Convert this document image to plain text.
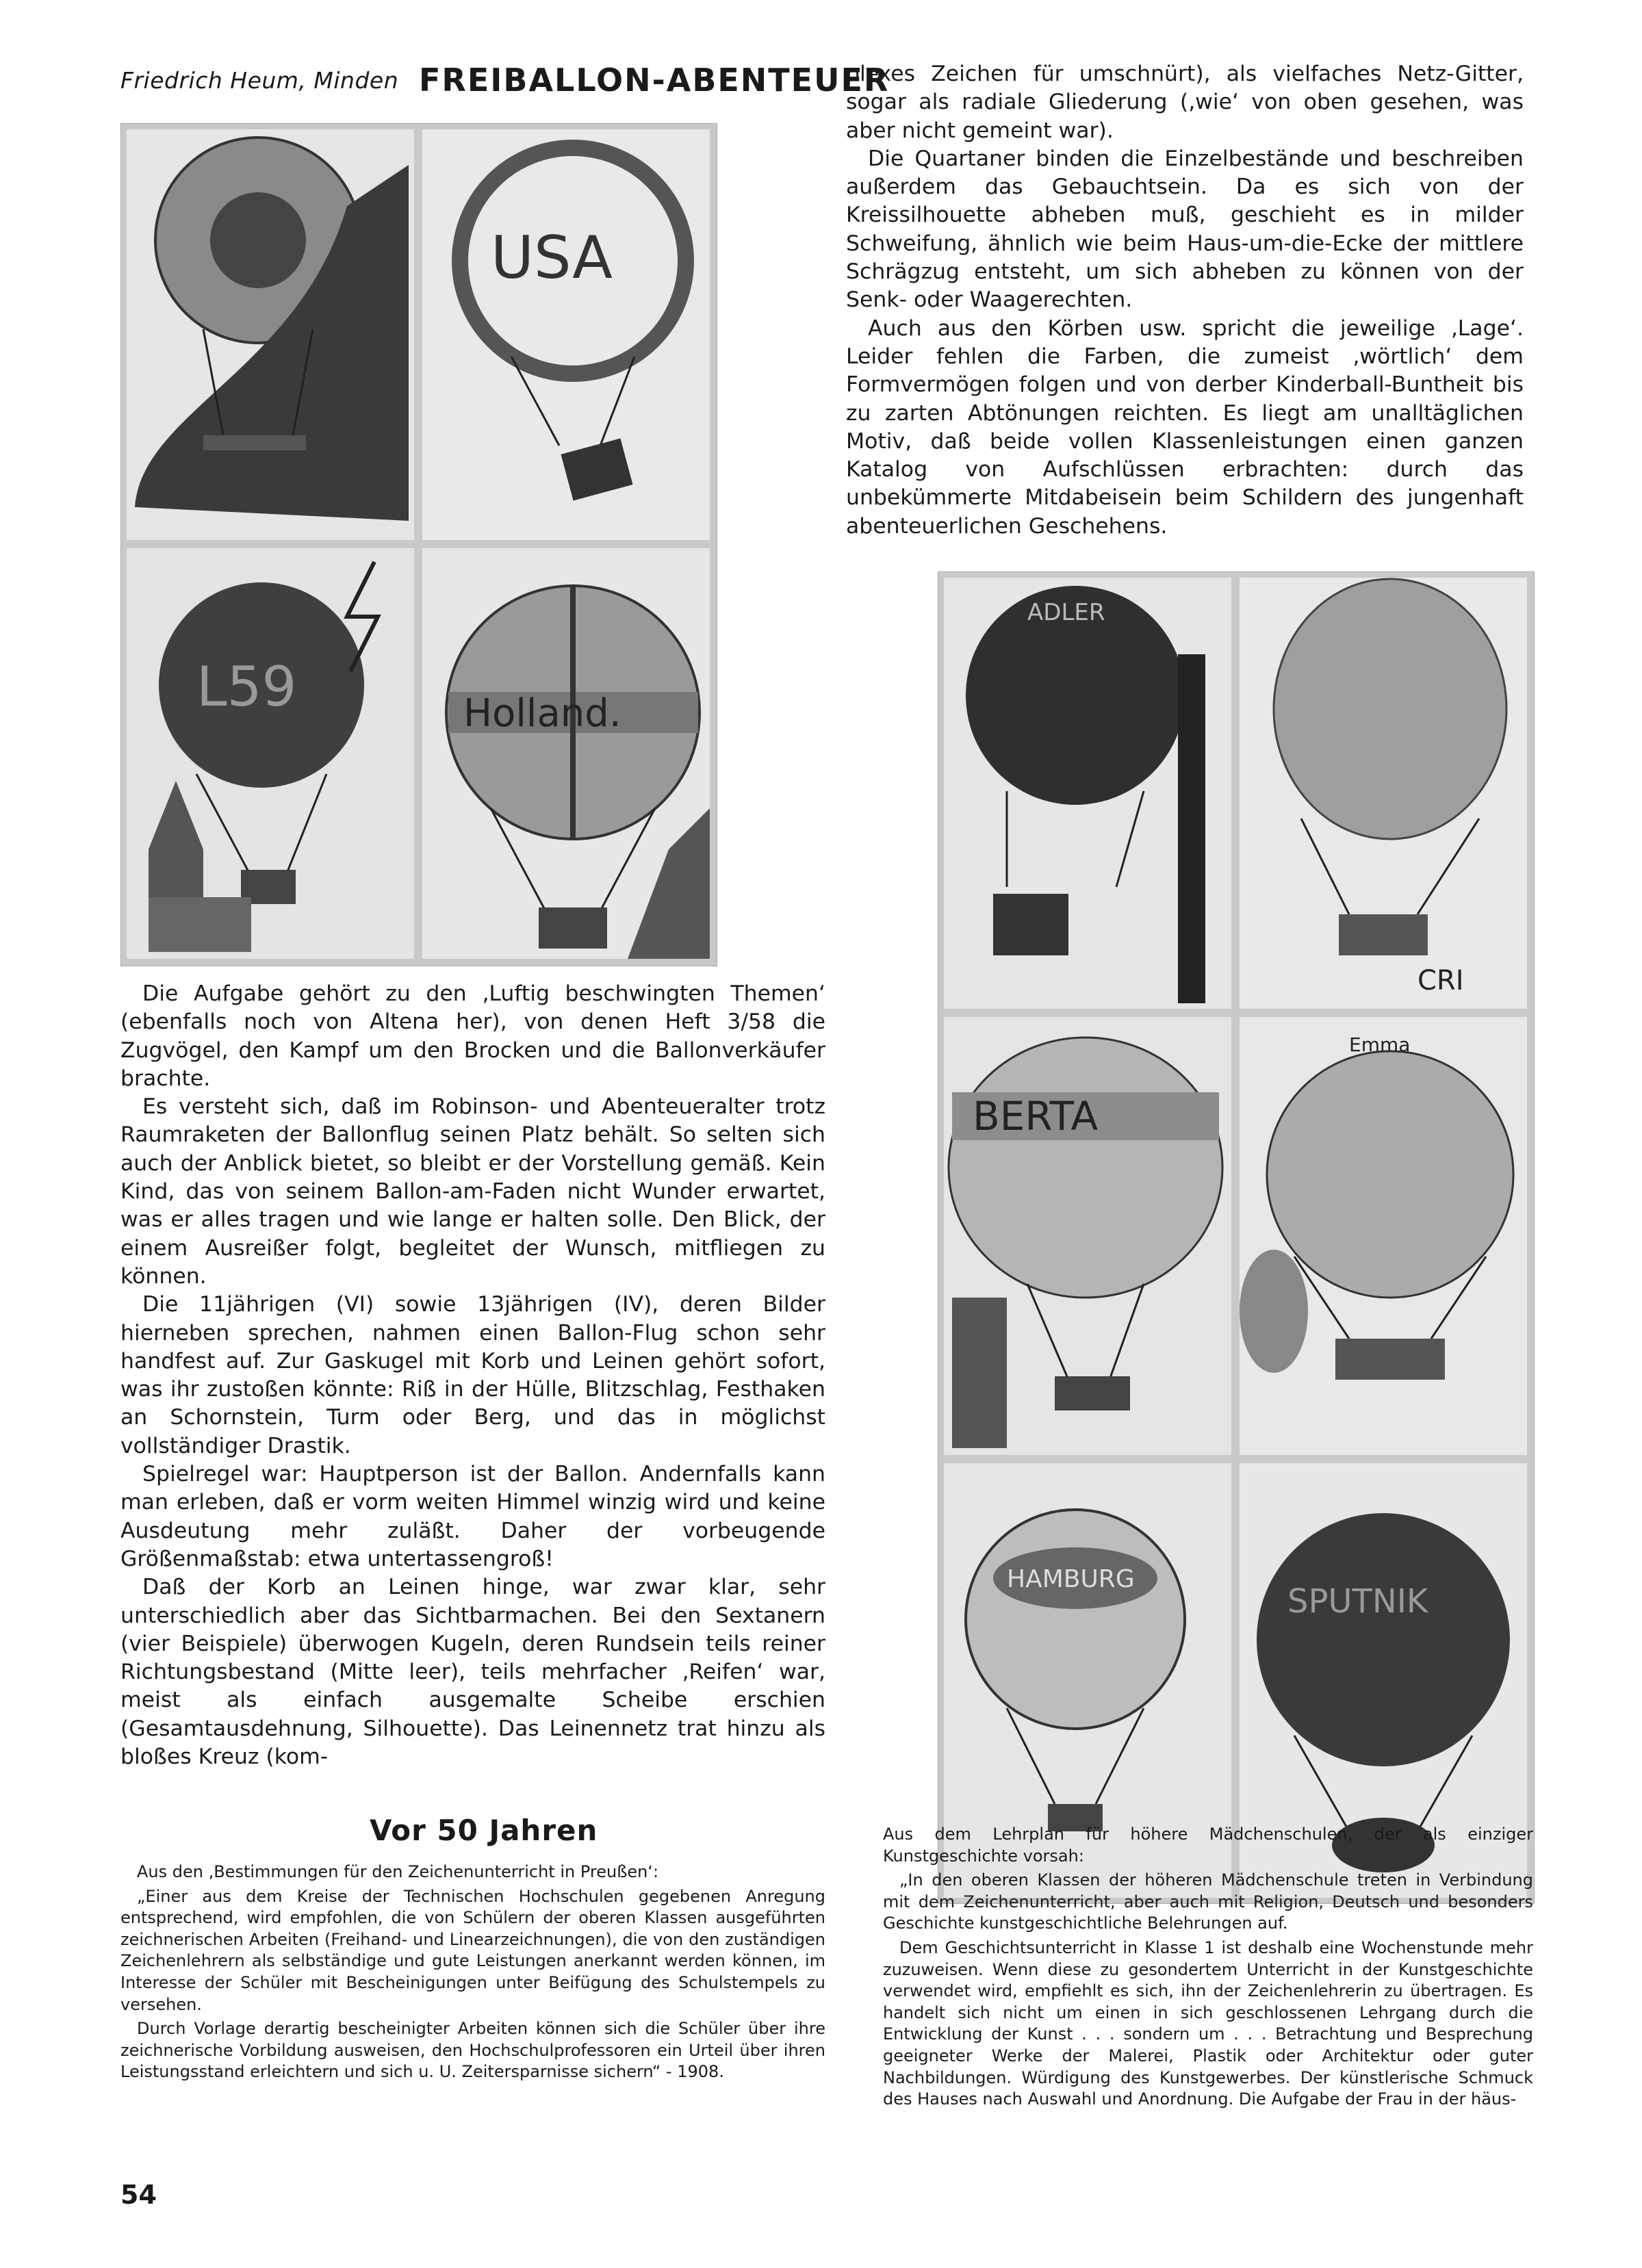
Friedrich Heum, Minden FREIBALLON-ABENTEUER
USA
L59	Holland.

plexes Zeichen für umschnürt), als vielfaches Netz-Gitter, sogar als radiale Gliederung (‚wie‘ von oben gesehen, was aber nicht gemeint war).

Die Quartaner binden die Einzelbestände und beschreiben außerdem das Gebauchtsein. Da es sich von der Kreissilhouette abheben muß, geschieht es in milder Schweifung, ähnlich wie beim Haus-um-die-Ecke der mittlere Schrägzug entsteht, um sich abheben zu können von der Senk- oder Waagerechten.

Auch aus den Körben usw. spricht die jeweilige ‚Lage‘. Leider fehlen die Farben, die zumeist ‚wörtlich‘ dem Formvermögen folgen und von derber Kinderball-Buntheit bis zu zarten Abtönungen reichten. Es liegt am unalltäglichen Motiv, daß beide vollen Klassenleistungen einen ganzen Katalog von Aufschlüssen erbrachten: durch das unbekümmerte Mitdabeisein beim Schildern des jungenhaft abenteuerlichen Geschehens.

ADLER
CRI
BERTA
Emma
HAMBURG
SPUTNIK

Die Aufgabe gehört zu den ‚Luftig beschwingten Themen‘ (ebenfalls noch von Altena her), von denen Heft 3/58 die Zugvögel, den Kampf um den Brocken und die Ballonverkäufer brachte.

Es versteht sich, daß im Robinson- und Abenteueralter trotz Raumraketen der Ballonflug seinen Platz behält. So selten sich auch der Anblick bietet, so bleibt er der Vorstellung gemäß. Kein Kind, das von seinem Ballon-am-Faden nicht Wunder erwartet, was er alles tragen und wie lange er halten solle. Den Blick, der einem Ausreißer folgt, begleitet der Wunsch, mitfliegen zu können.

Die 11jährigen (VI) sowie 13jährigen (IV), deren Bilder hierneben sprechen, nahmen einen Ballon-Flug schon sehr handfest auf. Zur Gaskugel mit Korb und Leinen gehört sofort, was ihr zustoßen könnte: Riß in der Hülle, Blitzschlag, Festhaken an Schornstein, Turm oder Berg, und das in möglichst vollständiger Drastik.

Spielregel war: Hauptperson ist der Ballon. Andernfalls kann man erleben, daß er vorm weiten Himmel winzig wird und keine Ausdeutung mehr zuläßt. Daher der vorbeugende Größenmaßstab: etwa untertassengroß!

Daß der Korb an Leinen hinge, war zwar klar, sehr unterschiedlich aber das Sichtbarmachen. Bei den Sextanern (vier Beispiele) überwogen Kugeln, deren Rundsein teils reiner Richtungsbestand (Mitte leer), teils mehrfacher ‚Reifen‘ war, meist als einfach ausgemalte Scheibe erschien (Gesamtausdehnung, Silhouette). Das Leinennetz trat hinzu als bloßes Kreuz (kom-

Vor 50 Jahren

Aus den ‚Bestimmungen für den Zeichenunterricht in Preußen‘:

„Einer aus dem Kreise der Technischen Hochschulen gegebenen Anregung entsprechend, wird empfohlen, die von Schülern der oberen Klassen ausgeführten zeichnerischen Arbeiten (Freihand- und Linearzeichnungen), die von den zuständigen Zeichenlehrern als selbständige und gute Leistungen anerkannt werden können, im Interesse der Schüler mit Bescheinigungen unter Beifügung des Schulstempels zu versehen.

Durch Vorlage derartig bescheinigter Arbeiten können sich die Schüler über ihre zeichnerische Vorbildung ausweisen, den Hochschulprofessoren ein Urteil über ihren Leistungsstand erleichtern und sich u. U. Zeitersparnisse sichern“ - 1908.

Aus dem Lehrplan für höhere Mädchenschulen, der als einziger Kunstgeschichte vorsah:

„In den oberen Klassen der höheren Mädchenschule treten in Verbindung mit dem Zeichenunterricht, aber auch mit Religion, Deutsch und besonders Geschichte kunstgeschichtliche Belehrungen auf.

Dem Geschichtsunterricht in Klasse 1 ist deshalb eine Wochenstunde mehr zuzuweisen. Wenn diese zu gesondertem Unterricht in der Kunstgeschichte verwendet wird, empfiehlt es sich, ihn der Zeichenlehrerin zu übertragen. Es handelt sich nicht um einen in sich geschlossenen Lehrgang durch die Entwicklung der Kunst . . . sondern um . . . Betrachtung und Besprechung geeigneter Werke der Malerei, Plastik oder Architektur oder guter Nachbildungen. Würdigung des Kunstgewerbes. Der künstlerische Schmuck des Hauses nach Auswahl und Anordnung. Die Aufgabe der Frau in der häus-

54
